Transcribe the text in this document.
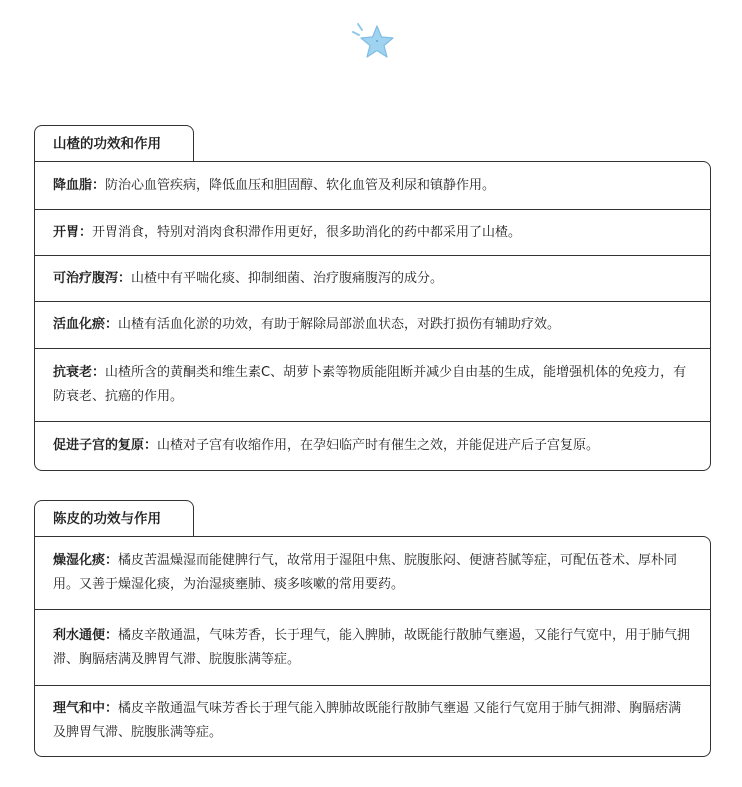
山楂的功效和作用

降血脂：防治心血管疾病，降低血压和胆固醇、软化血管及利尿和镇静作用。

开胃：开胃消食，特别对消肉食积滞作用更好，很多助消化的药中都采用了山楂。

可治疗腹泻：山楂中有平喘化痰、抑制细菌、治疗腹痛腹泻的成分。

活血化瘀：山楂有活血化淤的功效，有助于解除局部淤血状态，对跌打损伤有辅助疗效。

抗衰老：山楂所含的黄酮类和维生素C、胡萝卜素等物质能阻断并减少自由基的生成，能增强机体的免疫力，有防衰老、抗癌的作用。

促进子宫的复原：山楂对子宫有收缩作用，在孕妇临产时有催生之效，并能促进产后子宫复原。

陈皮的功效与作用

燥湿化痰：橘皮苦温燥湿而能健脾行气，故常用于湿阻中焦、脘腹胀闷、便溏苔腻等症，可配伍苍术、厚朴同用。又善于燥湿化痰，为治湿痰壅肺、痰多咳嗽的常用要药。

利水通便：橘皮辛散通温，气味芳香，长于理气，能入脾肺，故既能行散肺气壅遏，又能行气宽中，用于肺气拥滞、胸膈痞满及脾胃气滞、脘腹胀满等症。

理气和中：橘皮辛散通温气味芳香长于理气能入脾肺故既能行散肺气壅遏 又能行气宽用于肺气拥滞、胸膈痞满及脾胃气滞、脘腹胀满等症。
